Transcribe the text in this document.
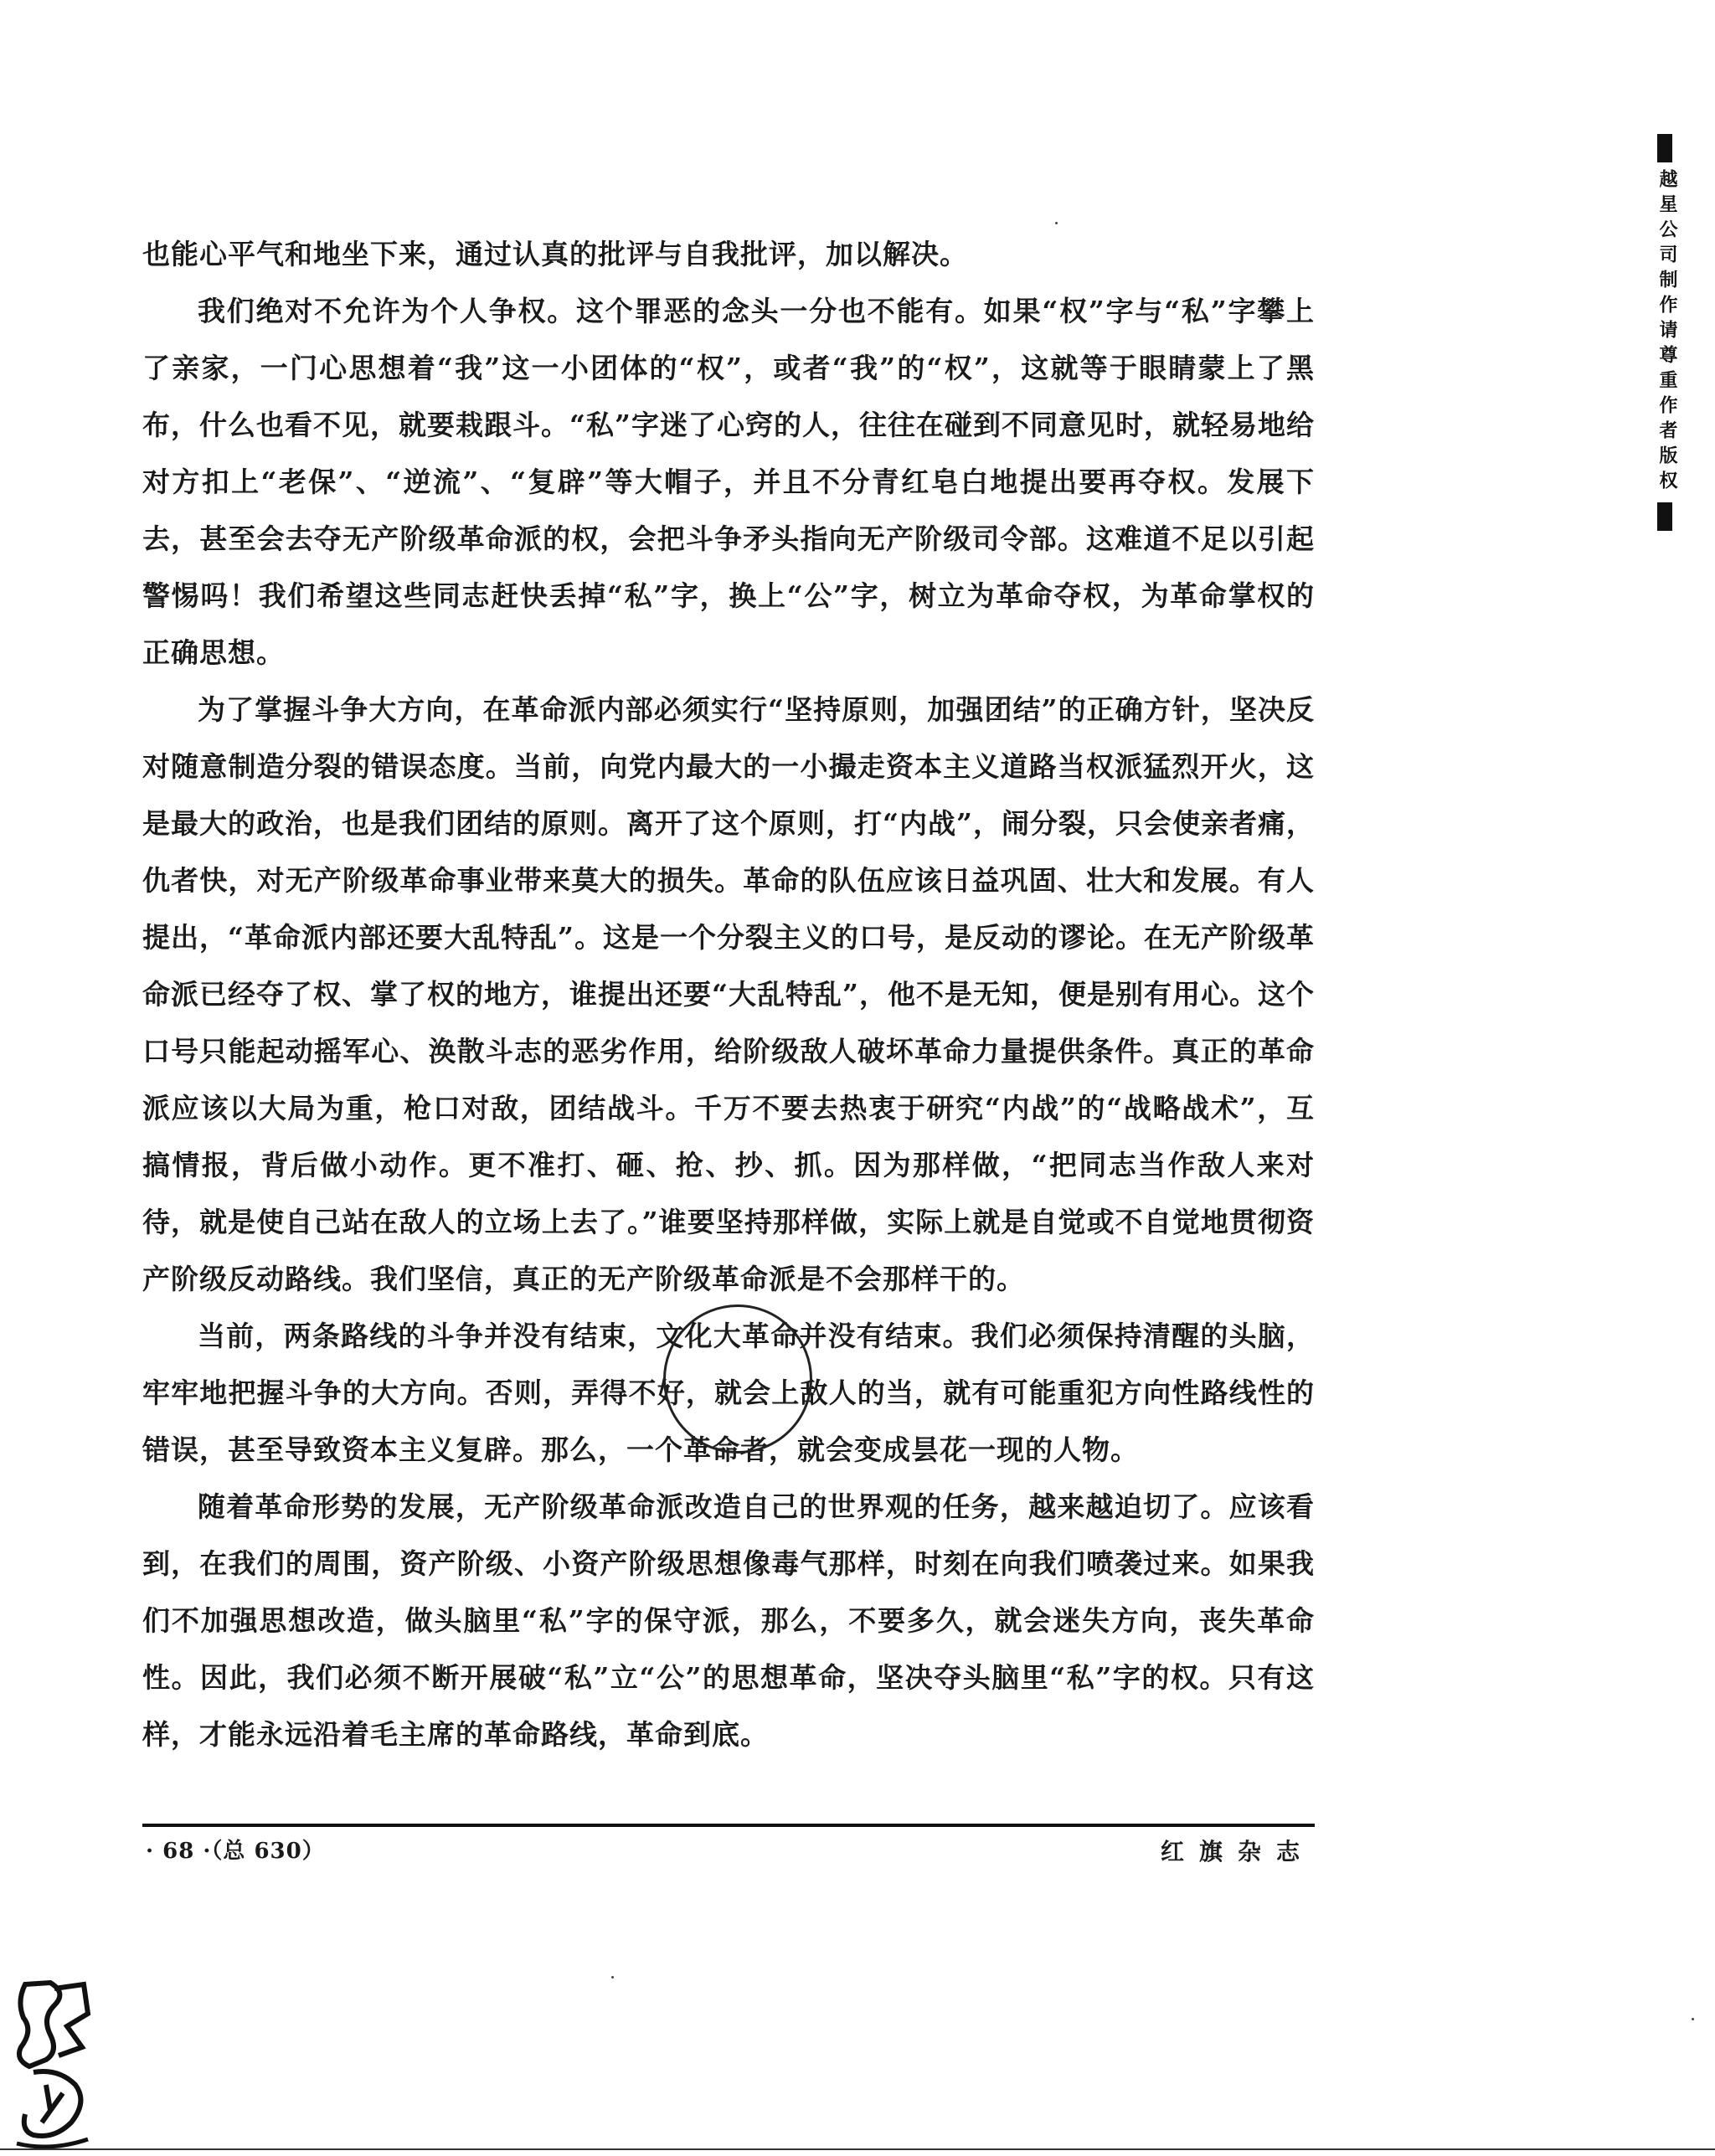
也能心平气和地坐下来，通过认真的批评与自我批评，加以解决。

我们绝对不允许为个人争权。这个罪恶的念头一分也不能有。如果“权”字与“私”字攀上了亲家，一门心思想着“我”这一小团体的“权”，或者“我”的“权”，这就等于眼睛蒙上了黑布，什么也看不见，就要栽跟斗。“私”字迷了心窍的人，往往在碰到不同意见时，就轻易地给对方扣上“老保”、“逆流”、“复辟”等大帽子，并且不分青红皂白地提出要再夺权。发展下去，甚至会去夺无产阶级革命派的权，会把斗争矛头指向无产阶级司令部。这难道不足以引起警惕吗！我们希望这些同志赶快丢掉“私”字，换上“公”字，树立为革命夺权，为革命掌权的正确思想。

为了掌握斗争大方向，在革命派内部必须实行“坚持原则，加强团结”的正确方针，坚决反对随意制造分裂的错误态度。当前，向党内最大的一小撮走资本主义道路当权派猛烈开火，这是最大的政治，也是我们团结的原则。离开了这个原则，打“内战”，闹分裂，只会使亲者痛，仇者快，对无产阶级革命事业带来莫大的损失。革命的队伍应该日益巩固、壮大和发展。有人提出，“革命派内部还要大乱特乱”。这是一个分裂主义的口号，是反动的谬论。在无产阶级革命派已经夺了权、掌了权的地方，谁提出还要“大乱特乱”，他不是无知，便是别有用心。这个口号只能起动摇军心、涣散斗志的恶劣作用，给阶级敌人破坏革命力量提供条件。真正的革命派应该以大局为重，枪口对敌，团结战斗。千万不要去热衷于研究“内战”的“战略战术”，互搞情报，背后做小动作。更不准打、砸、抢、抄、抓。因为那样做，“把同志当作敌人来对待，就是使自己站在敌人的立场上去了。”谁要坚持那样做，实际上就是自觉或不自觉地贯彻资产阶级反动路线。我们坚信，真正的无产阶级革命派是不会那样干的。

当前，两条路线的斗争并没有结束，文化大革命并没有结束。我们必须保持清醒的头脑，牢牢地把握斗争的大方向。否则，弄得不好，就会上敌人的当，就有可能重犯方向性路线性的错误，甚至导致资本主义复辟。那么，一个革命者，就会变成昙花一现的人物。

随着革命形势的发展，无产阶级革命派改造自己的世界观的任务，越来越迫切了。应该看到，在我们的周围，资产阶级、小资产阶级思想像毒气那样，时刻在向我们喷袭过来。如果我们不加强思想改造，做头脑里“私”字的保守派，那么，不要多久，就会迷失方向，丧失革命性。因此，我们必须不断开展破“私”立“公”的思想革命，坚决夺头脑里“私”字的权。只有这样，才能永远沿着毛主席的革命路线，革命到底。

· 68 ·（总 630）	红旗杂志
越星公司制作请尊重作者版权
